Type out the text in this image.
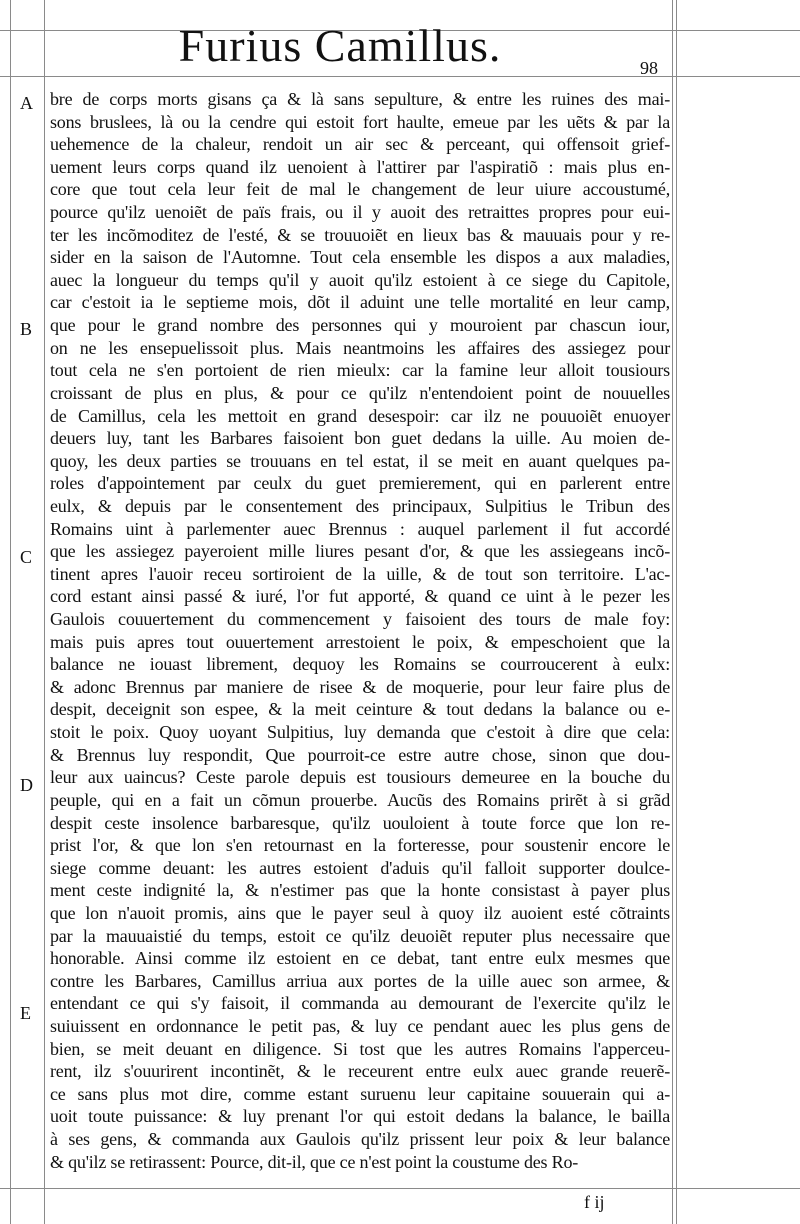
Furius Camillus.	98
A
B
C
D
E
bre de corps morts gisans ça & là sans sepulture, & entre les ruines des mai-
sons bruslees, là ou la cendre qui estoit fort haulte, emeue par les uẽts & par la
uehemence de la chaleur, rendoit un air sec & perceant, qui offensoit grief-
uement leurs corps quand ilz uenoient à l'attirer par l'aspiratiõ : mais plus en-
core que tout cela leur feit de mal le changement de leur uiure accoustumé,
pource qu'ilz uenoiẽt de païs frais, ou il y auoit des retraittes propres pour eui-
ter les incõmoditez de l'esté, & se trouuoiẽt en lieux bas & mauuais pour y re-
sider en la saison de l'Automne. Tout cela ensemble les dispos a aux maladies,
auec la longueur du temps qu'il y auoit qu'ilz estoient à ce siege du Capitole,
car c'estoit ia le septieme mois, dõt il aduint une telle mortalité en leur camp,
que pour le grand nombre des personnes qui y mouroient par chascun iour,
on ne les ensepuelissoit plus. Mais neantmoins les affaires des assiegez pour
tout cela ne s'en portoient de rien mieulx: car la famine leur alloit tousiours
croissant de plus en plus, & pour ce qu'ilz n'entendoient point de nouuelles
de Camillus, cela les mettoit en grand desespoir: car ilz ne pouuoiẽt enuoyer
deuers luy, tant les Barbares faisoient bon guet dedans la uille. Au moien de-
quoy, les deux parties se trouuans en tel estat, il se meit en auant quelques pa-
roles d'appointement par ceulx du guet premierement, qui en parlerent entre
eulx, & depuis par le consentement des principaux, Sulpitius le Tribun des
Romains uint à parlementer auec Brennus : auquel parlement il fut accordé
que les assiegez payeroient mille liures pesant d'or, & que les assiegeans incõ-
tinent apres l'auoir receu sortiroient de la uille, & de tout son territoire. L'ac-
cord estant ainsi passé & iuré, l'or fut apporté, & quand ce uint à le pezer les
Gaulois couuertement du commencement y faisoient des tours de male foy:
mais puis apres tout ouuertement arrestoient le poix, & empeschoient que la
balance ne iouast librement, dequoy les Romains se courroucerent à eulx:
& adonc Brennus par maniere de risee & de moquerie, pour leur faire plus de
despit, deceignit son espee, & la meit ceinture & tout dedans la balance ou e-
stoit le poix. Quoy uoyant Sulpitius, luy demanda que c'estoit à dire que cela:
& Brennus luy respondit, Que pourroit-ce estre autre chose, sinon que dou-
leur aux uaincus? Ceste parole depuis est tousiours demeuree en la bouche du
peuple, qui en a fait un cõmun prouerbe. Aucũs des Romains prirẽt à si grãd
despit ceste insolence barbaresque, qu'ilz uouloient à toute force que lon re-
prist l'or, & que lon s'en retournast en la forteresse, pour soustenir encore le
siege comme deuant: les autres estoient d'aduis qu'il falloit supporter doulce-
ment ceste indignité la, & n'estimer pas que la honte consistast à payer plus
que lon n'auoit promis, ains que le payer seul à quoy ilz auoient esté cõtraints
par la mauuaistié du temps, estoit ce qu'ilz deuoiẽt reputer plus necessaire que
honorable. Ainsi comme ilz estoient en ce debat, tant entre eulx mesmes que
contre les Barbares, Camillus arriua aux portes de la uille auec son armee, &
entendant ce qui s'y faisoit, il commanda au demourant de l'exercite qu'ilz le
suiuissent en ordonnance le petit pas, & luy ce pendant auec les plus gens de
bien, se meit deuant en diligence. Si tost que les autres Romains l'apperceu-
rent, ilz s'ouurirent incontinẽt, & le receurent entre eulx auec grande reuerẽ-
ce sans plus mot dire, comme estant suruenu leur capitaine souuerain qui a-
uoit toute puissance: & luy prenant l'or qui estoit dedans la balance, le bailla
à ses gens, & commanda aux Gaulois qu'ilz prissent leur poix & leur balance
& qu'ilz se retirassent: Pource, dit-il, que ce n'est point la coustume des Ro-
f ij
